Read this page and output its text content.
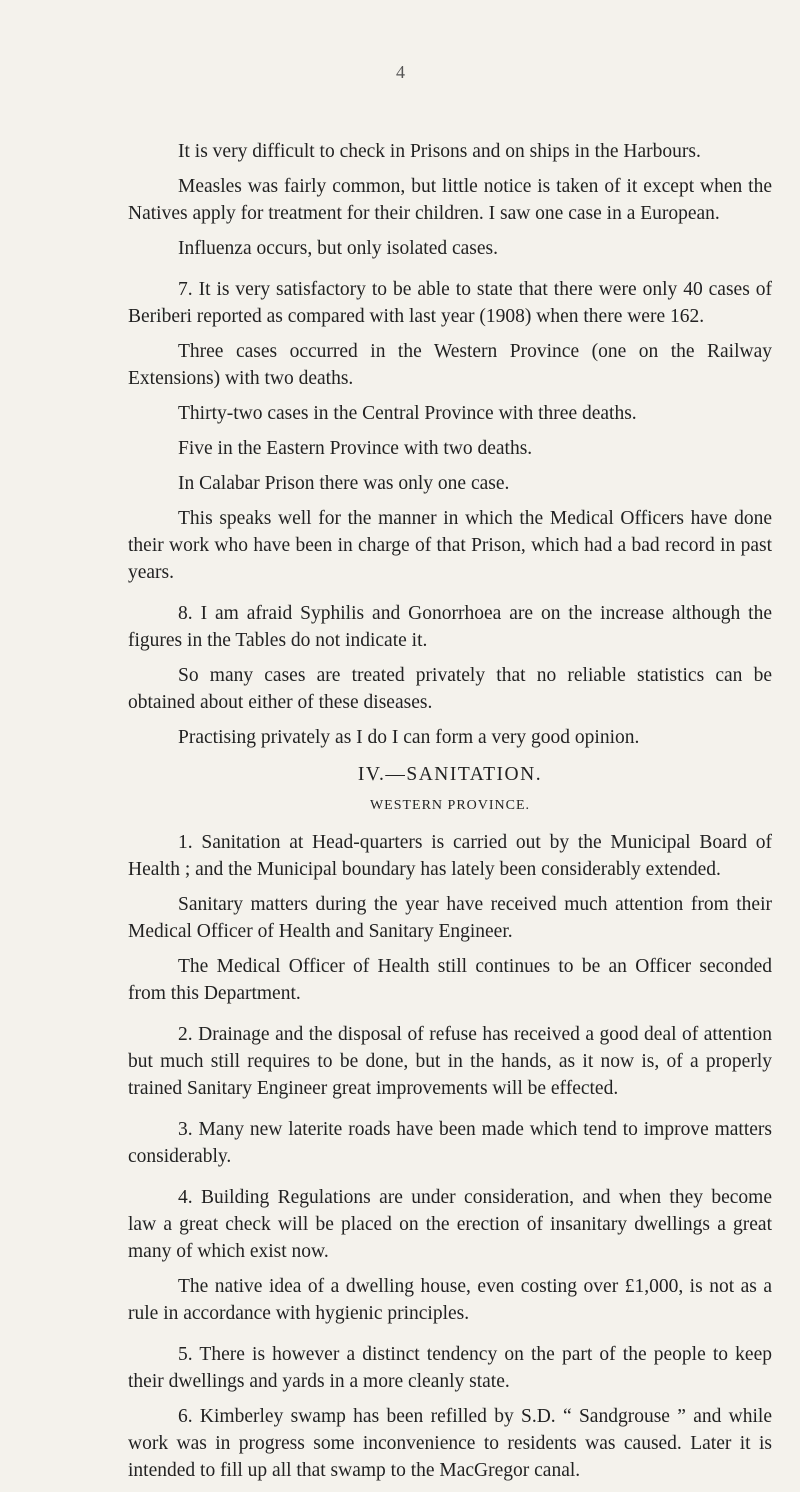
4

It is very difficult to check in Prisons and on ships in the Harbours.

Measles was fairly common, but little notice is taken of it except when the Natives apply for treatment for their children. I saw one case in a European.

Influenza occurs, but only isolated cases.

7. It is very satisfactory to be able to state that there were only 40 cases of Beriberi reported as compared with last year (1908) when there were 162.

Three cases occurred in the Western Province (one on the Railway Extensions) with two deaths.

Thirty-two cases in the Central Province with three deaths.

Five in the Eastern Province with two deaths.

In Calabar Prison there was only one case.

This speaks well for the manner in which the Medical Officers have done their work who have been in charge of that Prison, which had a bad record in past years.

8. I am afraid Syphilis and Gonorrhoea are on the increase although the figures in the Tables do not indicate it.

So many cases are treated privately that no reliable statistics can be obtained about either of these diseases.

Practising privately as I do I can form a very good opinion.

IV.—SANITATION.
WESTERN PROVINCE.

1. Sanitation at Head-quarters is carried out by the Municipal Board of Health ; and the Municipal boundary has lately been considerably extended.

Sanitary matters during the year have received much attention from their Medical Officer of Health and Sanitary Engineer.

The Medical Officer of Health still continues to be an Officer seconded from this Department.

2. Drainage and the disposal of refuse has received a good deal of attention but much still requires to be done, but in the hands, as it now is, of a properly trained Sanitary Engineer great improvements will be effected.

3. Many new laterite roads have been made which tend to improve matters considerably.

4. Building Regulations are under consideration, and when they become law a great check will be placed on the erection of insanitary dwellings a great many of which exist now.

The native idea of a dwelling house, even costing over £1,000, is not as a rule in accordance with hygienic principles.

5. There is however a distinct tendency on the part of the people to keep their dwellings and yards in a more cleanly state.

6. Kimberley swamp has been refilled by S.D. “ Sandgrouse ” and while work was in progress some inconvenience to residents was caused. Later it is intended to fill up all that swamp to the MacGregor canal.
